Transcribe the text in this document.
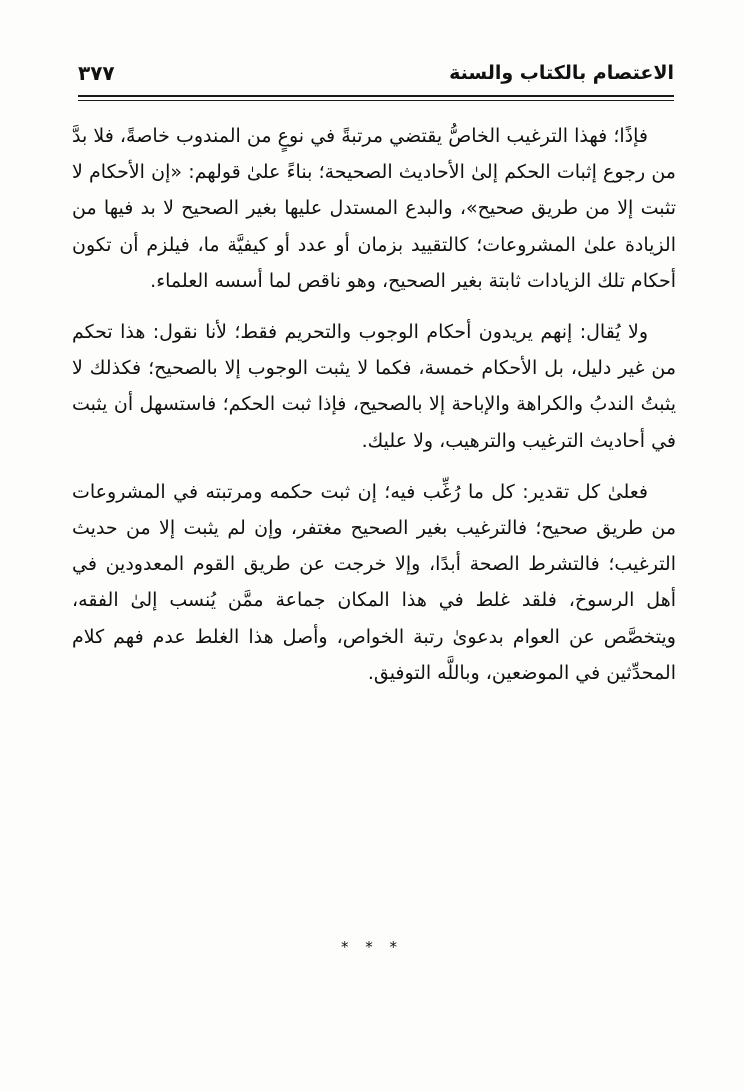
الاعتصام بالكتاب والسنة
٣٧٧

فإذًا؛ فهذا الترغيب الخاصُّ يقتضي مرتبةً في نوعٍ من المندوب خاصةً، فلا بدَّ من رجوع إثبات الحكم إلىٰ الأحاديث الصحيحة؛ بناءً علىٰ قولهم: «إن الأحكام لا تثبت إلا من طريق صحيح»، والبدع المستدل عليها بغير الصحيح لا بد فيها من الزيادة علىٰ المشروعات؛ كالتقييد بزمان أو عدد أو كيفيَّة ما، فيلزم أن تكون أحكام تلك الزيادات ثابتة بغير الصحيح، وهو ناقص لما أسسه العلماء.

ولا يُقال: إنهم يريدون أحكام الوجوب والتحريم فقط؛ لأنا نقول: هذا تحكم من غير دليل، بل الأحكام خمسة، فكما لا يثبت الوجوب إلا بالصحيح؛ فكذلك لا يثبتُ الندبُ والكراهة والإباحة إلا بالصحيح، فإذا ثبت الحكم؛ فاستسهل أن يثبت في أحاديث الترغيب والترهيب، ولا عليك.

فعلىٰ كل تقدير: كل ما رُغِّب فيه؛ إن ثبت حكمه ومرتبته في المشروعات من طريق صحيح؛ فالترغيب بغير الصحيح مغتفر، وإن لم يثبت إلا من حديث الترغيب؛ فالتشرط الصحة أبدًا، وإلا خرجت عن طريق القوم المعدودين في أهل الرسوخ، فلقد غلط في هذا المكان جماعة ممَّن يُنسب إلىٰ الفقه، ويتخصَّص عن العوام بدعوىٰ رتبة الخواص، وأصل هذا الغلط عدم فهم كلام المحدِّثين في الموضعين، وباللَّه التوفيق.

* * *
